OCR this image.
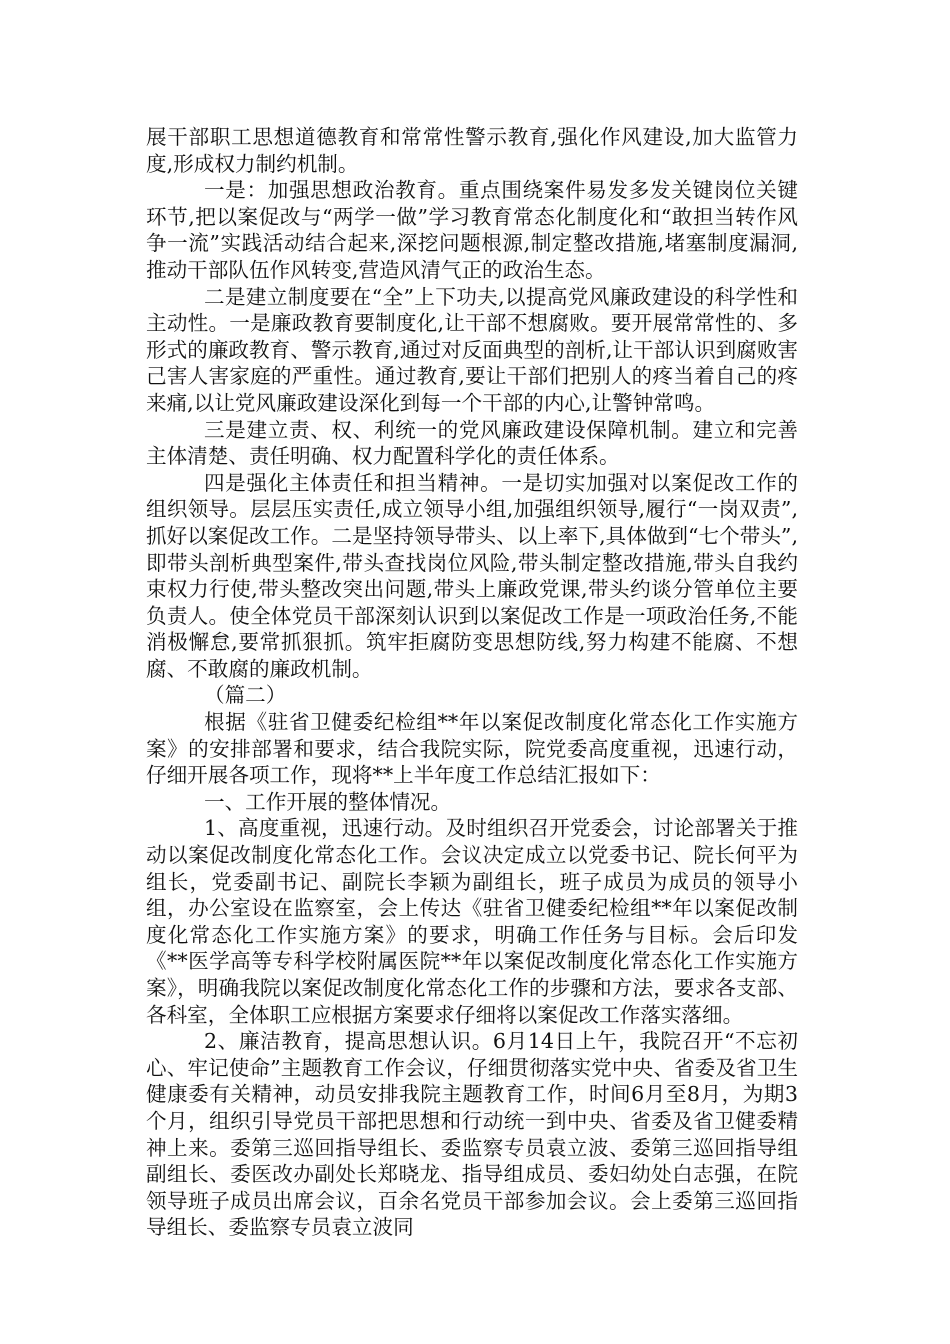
展干部职工思想道德教育和常常性警示教育,强化作风建设,加大监管力度,形成权力制约机制。

一是：加强思想政治教育。重点围绕案件易发多发关键岗位关键环节,把以案促改与“两学一做”学习教育常态化制度化和“敢担当转作风争一流”实践活动结合起来,深挖问题根源,制定整改措施,堵塞制度漏洞,推动干部队伍作风转变,营造风清气正的政治生态。

二是建立制度要在“全”上下功夫,以提高党风廉政建设的科学性和主动性。一是廉政教育要制度化,让干部不想腐败。要开展常常性的、多形式的廉政教育、警示教育,通过对反面典型的剖析,让干部认识到腐败害己害人害家庭的严重性。通过教育,要让干部们把别人的疼当着自己的疼来痛,以让党风廉政建设深化到每一个干部的内心,让警钟常鸣。

三是建立责、权、利统一的党风廉政建设保障机制。建立和完善主体清楚、责任明确、权力配置科学化的责任体系。

四是强化主体责任和担当精神。一是切实加强对以案促改工作的组织领导。层层压实责任,成立领导小组,加强组织领导,履行“一岗双责”,抓好以案促改工作。二是坚持领导带头、以上率下,具体做到“七个带头”,即带头剖析典型案件,带头查找岗位风险,带头制定整改措施,带头自我约束权力行使,带头整改突出问题,带头上廉政党课,带头约谈分管单位主要负责人。使全体党员干部深刻认识到以案促改工作是一项政治任务,不能消极懈怠,要常抓狠抓。筑牢拒腐防变思想防线,努力构建不能腐、不想腐、不敢腐的廉政机制。

（篇二）

根据《驻省卫健委纪检组**年以案促改制度化常态化工作实施方案》的安排部署和要求，结合我院实际，院党委高度重视，迅速行动，仔细开展各项工作，现将**上半年度工作总结汇报如下：

一、工作开展的整体情况。

1、高度重视，迅速行动。及时组织召开党委会，讨论部署关于推动以案促改制度化常态化工作。会议决定成立以党委书记、院长何平为组长，党委副书记、副院长李颖为副组长，班子成员为成员的领导小组，办公室设在监察室，会上传达《驻省卫健委纪检组**年以案促改制度化常态化工作实施方案》的要求，明确工作任务与目标。会后印发《**医学高等专科学校附属医院**年以案促改制度化常态化工作实施方案》，明确我院以案促改制度化常态化工作的步骤和方法，要求各支部、各科室，全体职工应根据方案要求仔细将以案促改工作落实落细。

2、廉洁教育，提高思想认识。6月14日上午，我院召开“不忘初心、牢记使命”主题教育工作会议，仔细贯彻落实党中央、省委及省卫生健康委有关精神，动员安排我院主题教育工作，时间6月至8月，为期3个月，组织引导党员干部把思想和行动统一到中央、省委及省卫健委精神上来。委第三巡回指导组长、委监察专员袁立波、委第三巡回指导组副组长、委医改办副处长郑晓龙、指导组成员、委妇幼处白志强，在院领导班子成员出席会议，百余名党员干部参加会议。会上委第三巡回指导组长、委监察专员袁立波同
